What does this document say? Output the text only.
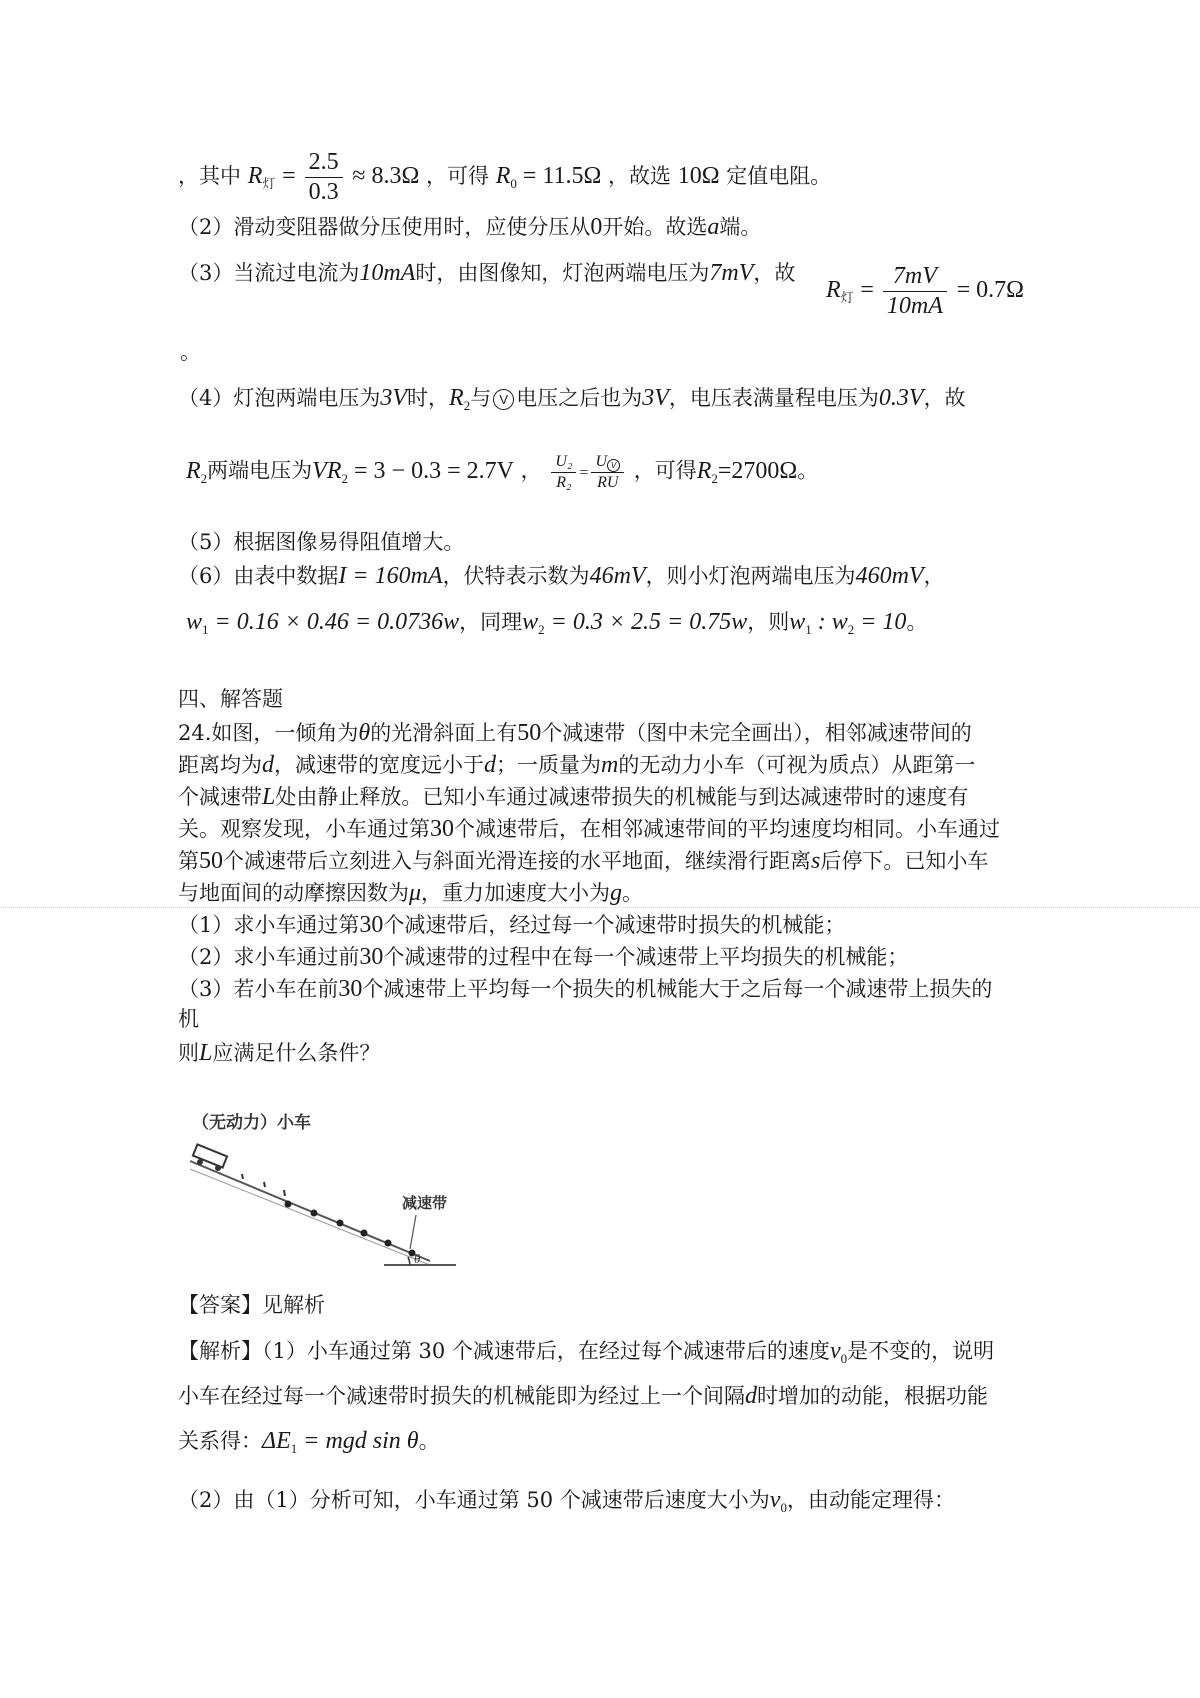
，其中 $R_灯 = \frac{2.5}{0.3} \approx 8.3\Omega$ ，可得 $R_0 = 11.5\Omega$ ，故选 10Ω 定值电阻。
（2）滑动变阻器做分压使用时，应使分压从0开始。故选a端。
（3）当流过电流为10mA时，由图像知，灯泡两端电压为7mV，故
$R_灯 = \frac{7mV}{10mA} = 0.7\Omega$
。
（4）灯泡两端电压为3V时，$R_2$与 V 电压之后也为3V，电压表满量程电压为0.3V，故
$R_2$两端电压为$VR_2 = 3 - 0.3 = 2.7V$ ， $\frac{\text{U₂}}{\text{R₂}} = \frac{\text{U V}}{RU}$ ，可得$R_2=2700\Omega$。
（5）根据图像易得阻值增大。
（6）由表中数据I = 160mA，伏特表示数为46mV，则小灯泡两端电压为460mV，
$w_1 = 0.16 \times 0.46 = 0.0736w$，同理$w_2 = 0.3 \times 2.5 = 0.75w$，则$w_1$ : $w_2 = 10$。
四、解答题
24.如图，一倾角为θ的光滑斜面上有50个减速带（图中未完全画出），相邻减速带间的
距离均为d，减速带的宽度远小于d；一质量为m的无动力小车（可视为质点）从距第一
个减速带L处由静止释放。已知小车通过减速带损失的机械能与到达减速带时的速度有
关。观察发现，小车通过第30个减速带后，在相邻减速带间的平均速度均相同。小车通过
第50个减速带后立刻进入与斜面光滑连接的水平地面，继续滑行距离s后停下。已知小车
与地面间的动摩擦因数为μ，重力加速度大小为g。
（1）求小车通过第30个减速带后，经过每一个减速带时损失的机械能；
（2）求小车通过前30个减速带的过程中在每一个减速带上平均损失的机械能；
（3）若小车在前30个减速带上平均每一个损失的机械能大于之后每一个减速带上损失的
机
则L应满足什么条件？
（无动力）小车
减速带
θ
【答案】见解析
【解析】（1）小车通过第 30 个减速带后，在经过每个减速带后的速度$v_0$是不变的，说明
小车在经过每一个减速带时损失的机械能即为经过上一个间隔d时增加的动能，根据功能
关系得：$\Delta E_1$ = mgd sin θ。
（2）由（1）分析可知，小车通过第 50 个减速带后速度大小为$v_0$，由动能定理得：
